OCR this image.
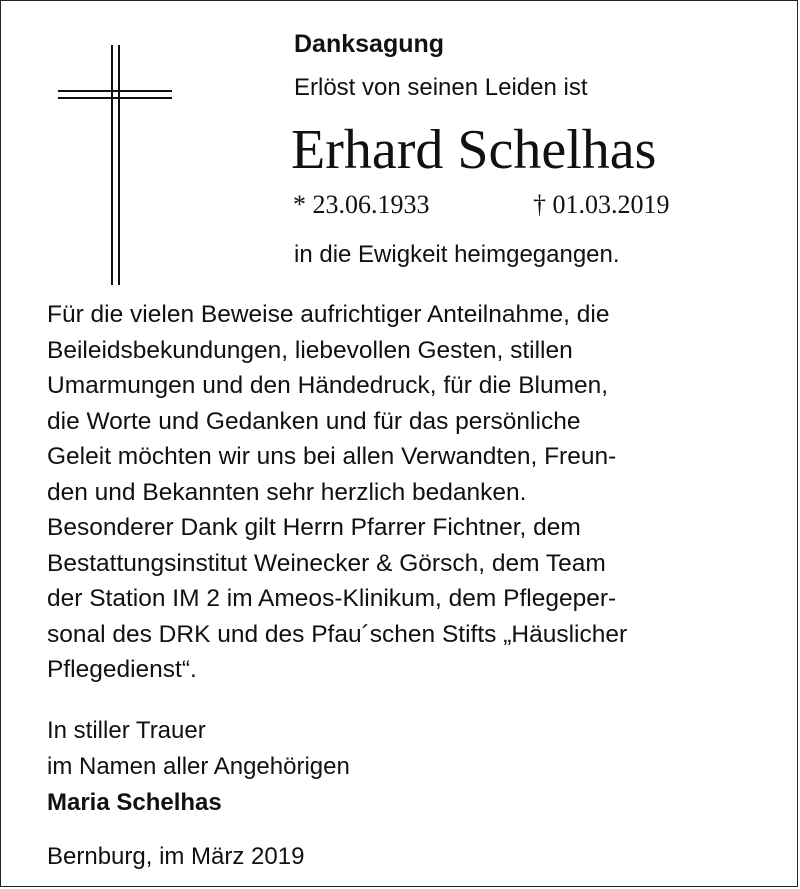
Danksagung
Erlöst von seinen Leiden ist
Erhard Schelhas
* 23.06.1933	† 01.03.2019
in die Ewigkeit heimgegangen.
Für die vielen Beweise aufrichtiger Anteilnahme, die
Beileidsbekundungen, liebevollen Gesten, stillen
Umarmungen und den Händedruck, für die Blumen,
die Worte und Gedanken und für das persönliche
Geleit möchten wir uns bei allen Verwandten, Freun-
den und Bekannten sehr herzlich bedanken.
Besonderer Dank gilt Herrn Pfarrer Fichtner, dem
Bestattungsinstitut Weinecker & Görsch, dem Team
der Station IM 2 im Ameos-Klinikum, dem Pflegeper-
sonal des DRK und des Pfau´schen Stifts „Häuslicher
Pflegedienst“.
In stiller Trauer
im Namen aller Angehörigen
Maria Schelhas
Bernburg, im März 2019
